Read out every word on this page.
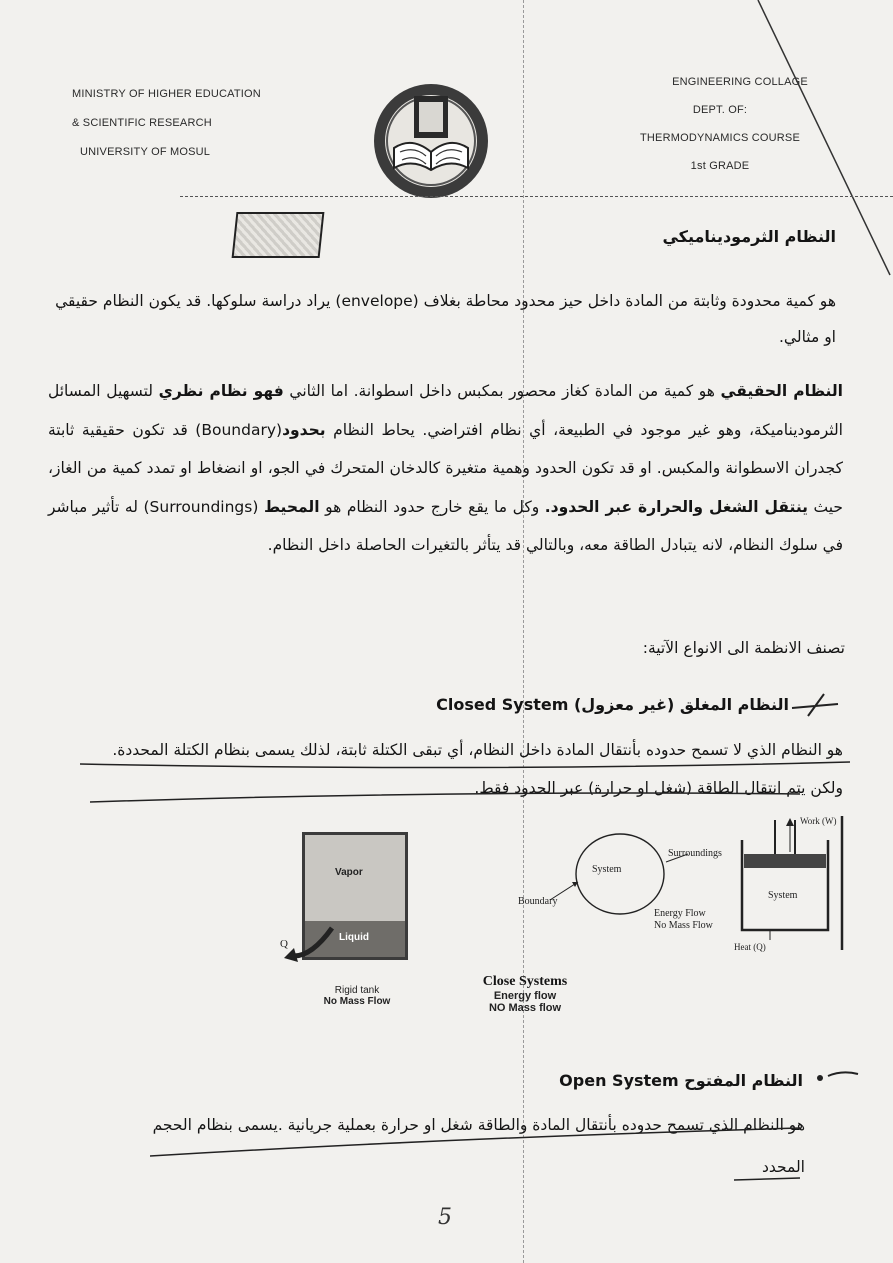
MINISTRY OF HIGHER EDUCATION
& SCIENTIFIC RESEARCH
UNIVERSITY OF MOSUL
ENGINEERING COLLAGE
DEPT. OF:
THERMODYNAMICS COURSE
1st GRADE
النظام الثرموديناميكي
هو كمية محدودة وثابتة من المادة داخل حيز محدود محاطة بغلاف (envelope) يراد دراسة سلوكها. قد يكون النظام حقيقي او مثالي.
النظام الحقيقي هو كمية من المادة كغاز محصور بمكبس داخل اسطوانة. اما الثاني فهو نظام نظري لتسهيل المسائل الثرموديناميكة، وهو غير موجود في الطبيعة، أي نظام افتراضي. يحاط النظام بحدود(Boundary) قد تكون حقيقية ثابتة كجدران الاسطوانة والمكبس. او قد تكون الحدود وهمية متغيرة كالدخان المتحرك في الجو، او انضغاط او تمدد كمية من الغاز، حيث ينتقل الشغل والحرارة عبر الحدود. وكل ما يقع خارج حدود النظام هو المحيط (Surroundings) له تأثير مباشر في سلوك النظام، لانه يتبادل الطاقة معه، وبالتالي قد يتأثر بالتغيرات الحاصلة داخل النظام.
تصنف الانظمة الى الانواع الآتية:
النظام المغلق (غير معزول) Closed System
هو النظام الذي لا تسمح حدوده بأنتقال المادة داخل النظام، أي تبقى الكتلة ثابتة، لذلك يسمى بنظام الكتلة المحددة. ولكن يتم انتقال الطاقة (شغل او حرارة) عبر الحدود فقط.
Vapor
Liquid
Q
Rigid tank
No Mass Flow
System
Surroundings
Boundary
Energy Flow
No Mass Flow
Work (W)
System
Heat (Q)
Close Systems
Energy flow
NO Mass flow
النظام المفتوح Open System
هو النظام الذي تسمح حدوده بأنتقال المادة والطاقة شغل او حرارة بعملية جريانية .يسمى بنظام الحجم المحدد
5
